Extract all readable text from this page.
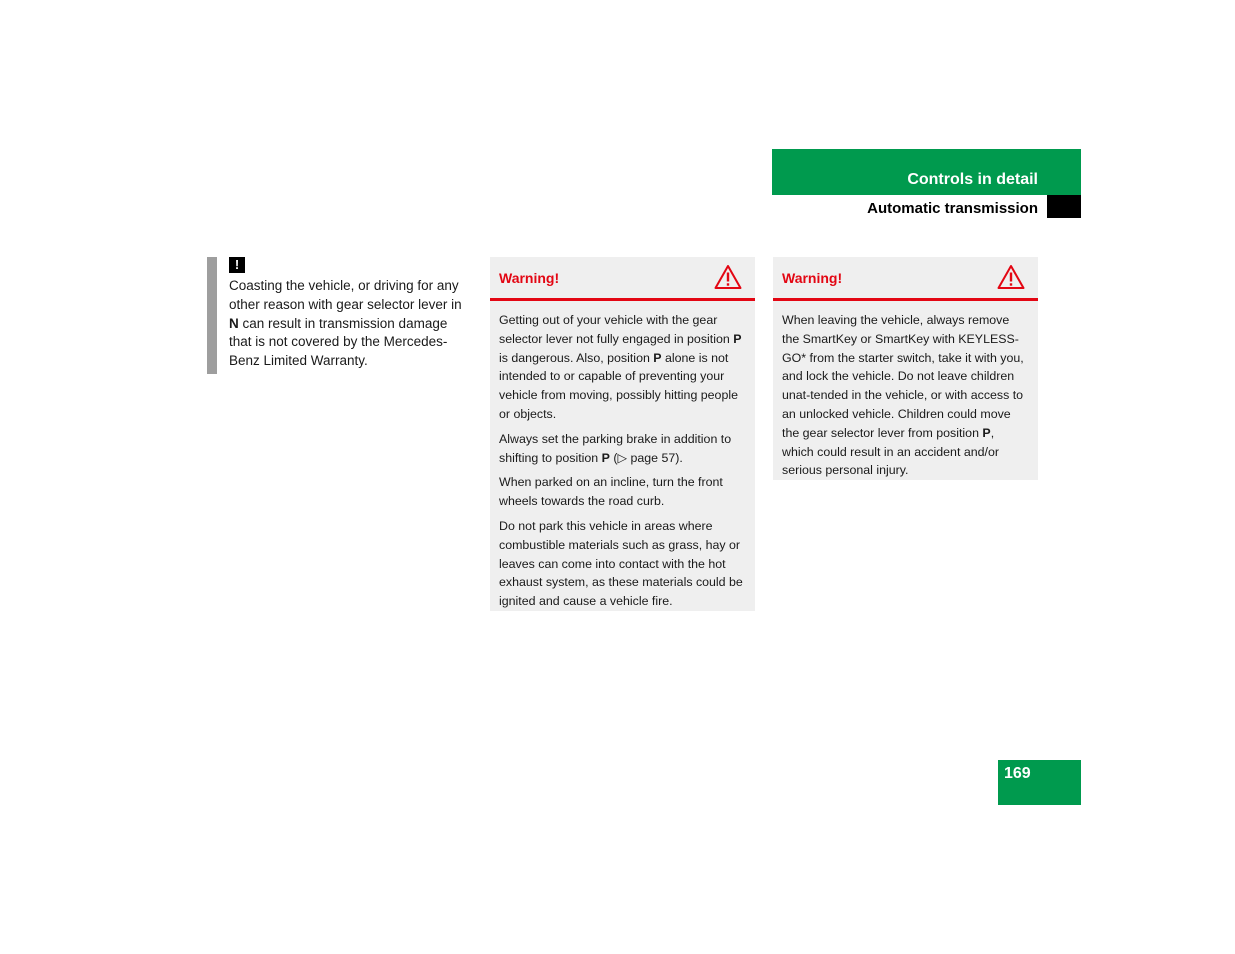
Controls in detail
Automatic transmission
!
Coasting the vehicle, or driving for any other reason with gear selector lever in N can result in transmission damage that is not covered by the Mercedes-Benz Limited Warranty.
Warning!

Getting out of your vehicle with the gear selector lever not fully engaged in position P is dangerous. Also, position P alone is not intended to or capable of preventing your vehicle from moving, possibly hitting people or objects.

Always set the parking brake in addition to shifting to position P (▷ page 57).

When parked on an incline, turn the front wheels towards the road curb.

Do not park this vehicle in areas where combustible materials such as grass, hay or leaves can come into contact with the hot exhaust system, as these materials could be ignited and cause a vehicle fire.

Warning!

When leaving the vehicle, always remove the SmartKey or SmartKey with KEYLESS-GO* from the starter switch, take it with you, and lock the vehicle. Do not leave children unat-tended in the vehicle, or with access to an unlocked vehicle. Children could move the gear selector lever from position P, which could result in an accident and/or serious personal injury.

169
